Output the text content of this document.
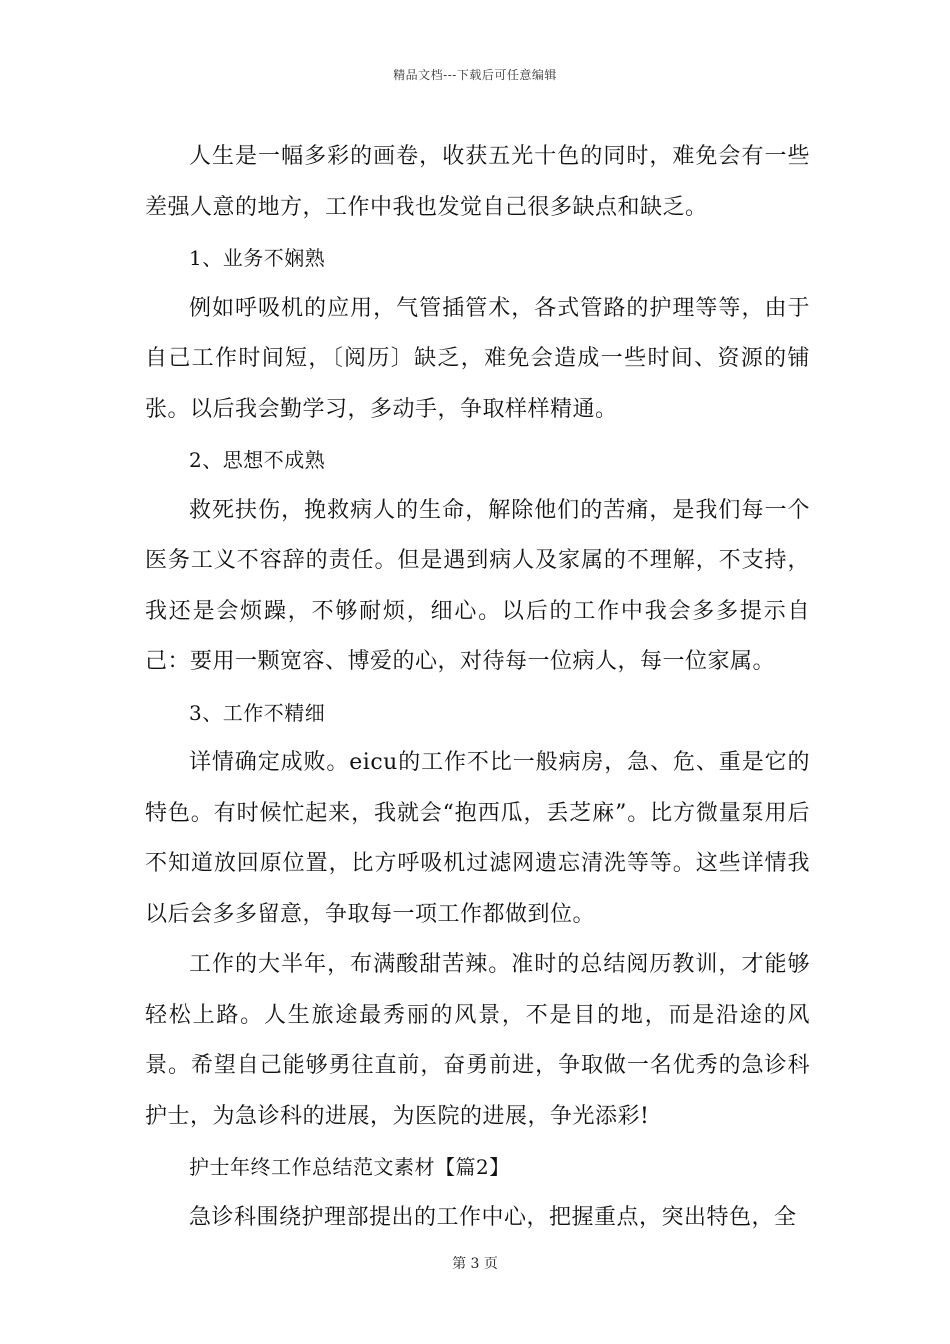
精品文档---下载后可任意编辑

人生是一幅多彩的画卷，收获五光十色的同时，难免会有一些差强人意的地方，工作中我也发觉自己很多缺点和缺乏。

1、业务不娴熟

例如呼吸机的应用，气管插管术，各式管路的护理等等，由于自己工作时间短，〔阅历〕缺乏，难免会造成一些时间、资源的铺张。以后我会勤学习，多动手，争取样样精通。

2、思想不成熟

救死扶伤，挽救病人的生命，解除他们的苦痛，是我们每一个医务工义不容辞的责任。但是遇到病人及家属的不理解，不支持，我还是会烦躁，不够耐烦，细心。以后的工作中我会多多提示自己：要用一颗宽容、博爱的心，对待每一位病人，每一位家属。

3、工作不精细

详情确定成败。eicu的工作不比一般病房，急、危、重是它的特色。有时候忙起来，我就会“抱西瓜，丢芝麻”。比方微量泵用后不知道放回原位置，比方呼吸机过滤网遗忘清洗等等。这些详情我以后会多多留意，争取每一项工作都做到位。

工作的大半年，布满酸甜苦辣。准时的总结阅历教训，才能够轻松上路。人生旅途最秀丽的风景，不是目的地，而是沿途的风景。希望自己能够勇往直前，奋勇前进，争取做一名优秀的急诊科护士，为急诊科的进展，为医院的进展，争光添彩!

护士年终工作总结范文素材【篇2】

急诊科围绕护理部提出的工作中心，把握重点，突出特色，全

第 3 页
